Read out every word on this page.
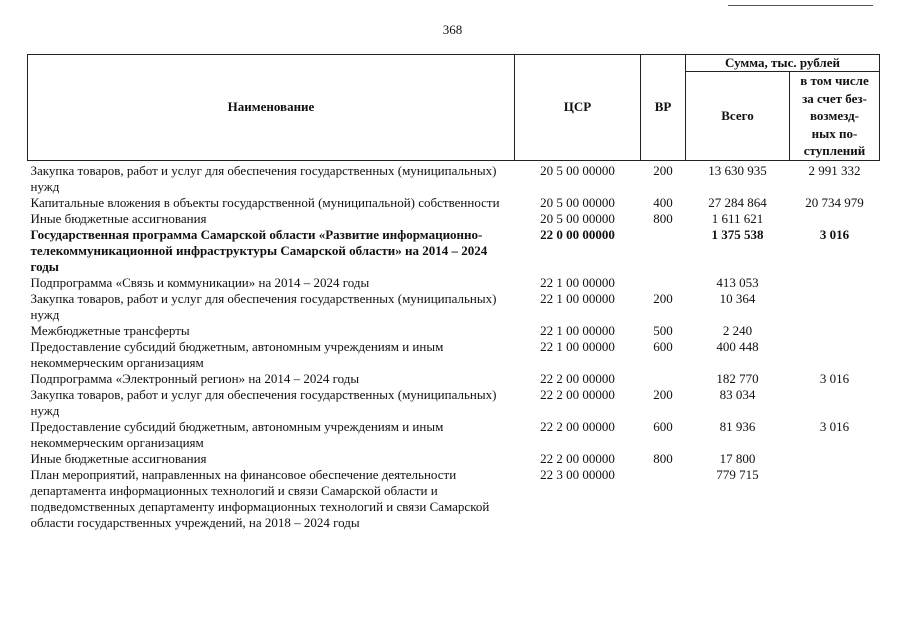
368
Наименование	ЦСР	ВР	Сумма, тыс. рублей	
			Всего	в том числе
за счет без-
возмезд-
ных по-
ступлений

Закупка товаров, работ и услуг для обеспечения государственных (муниципальных) нужд	20 5 00 00000	200	13 630 935	2 991 332
Капитальные вложения в объекты государственной (муниципальной) собственности	20 5 00 00000	400	27 284 864	20 734 979
Иные бюджетные ассигнования	20 5 00 00000	800	1 611 621	
Государственная программа Самарской области «Развитие информационно-телекоммуникационной инфраструктуры Самарской области» на 2014 – 2024 годы	22 0 00 00000		1 375 538	3 016
Подпрограмма «Связь и коммуникации» на 2014 – 2024 годы	22 1 00 00000		413 053	
Закупка товаров, работ и услуг для обеспечения государственных (муниципальных) нужд	22 1 00 00000	200	10 364	
Межбюджетные трансферты	22 1 00 00000	500	2 240	
Предоставление субсидий бюджетным, автономным учреждениям и иным некоммерческим организациям	22 1 00 00000	600	400 448	
Подпрограмма «Электронный регион» на 2014 – 2024 годы	22 2 00 00000		182 770	3 016
Закупка товаров, работ и услуг для обеспечения государственных (муниципальных) нужд	22 2 00 00000	200	83 034	
Предоставление субсидий бюджетным, автономным учреждениям и иным некоммерческим организациям	22 2 00 00000	600	81 936	3 016
Иные бюджетные ассигнования	22 2 00 00000	800	17 800	
План мероприятий, направленных на финансовое обеспечение деятельности департамента информационных технологий и связи Самарской области и подведомственных департаменту информационных технологий и связи Самарской области государственных учреждений, на 2018 – 2024 годы	22 3 00 00000		779 715	
